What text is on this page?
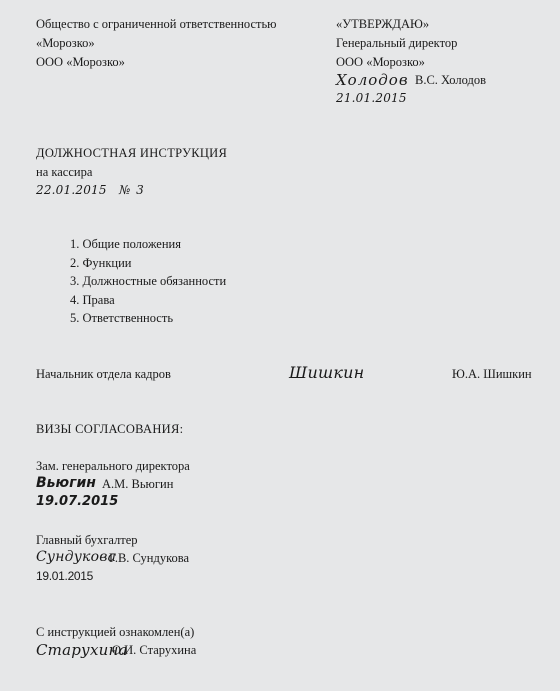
Общество с ограниченной ответственностью
«Морозко»
ООО «Морозко»
«УТВЕРЖДАЮ»
Генеральный директор
ООО «Морозко»
Холодов В.С. Холодов
21.01.2015
ДОЛЖНОСТНАЯ ИНСТРУКЦИЯ
на кассира
22.01.2015 № 3
1. Общие положения
2. Функции
3. Должностные обязанности
4. Права
5. Ответственность
Начальник отдела кадров	Шишкин	Ю.А. Шишкин
ВИЗЫ СОГЛАСОВАНИЯ:
Зам. генерального директора
Вьюгин А.М. Вьюгин
19.07.2015
Главный бухгалтер
Сундукова
Г.В. Сундукова
19.01.2015
С инструкцией ознакомлен(а)
Старухина
О.И. Старухина
